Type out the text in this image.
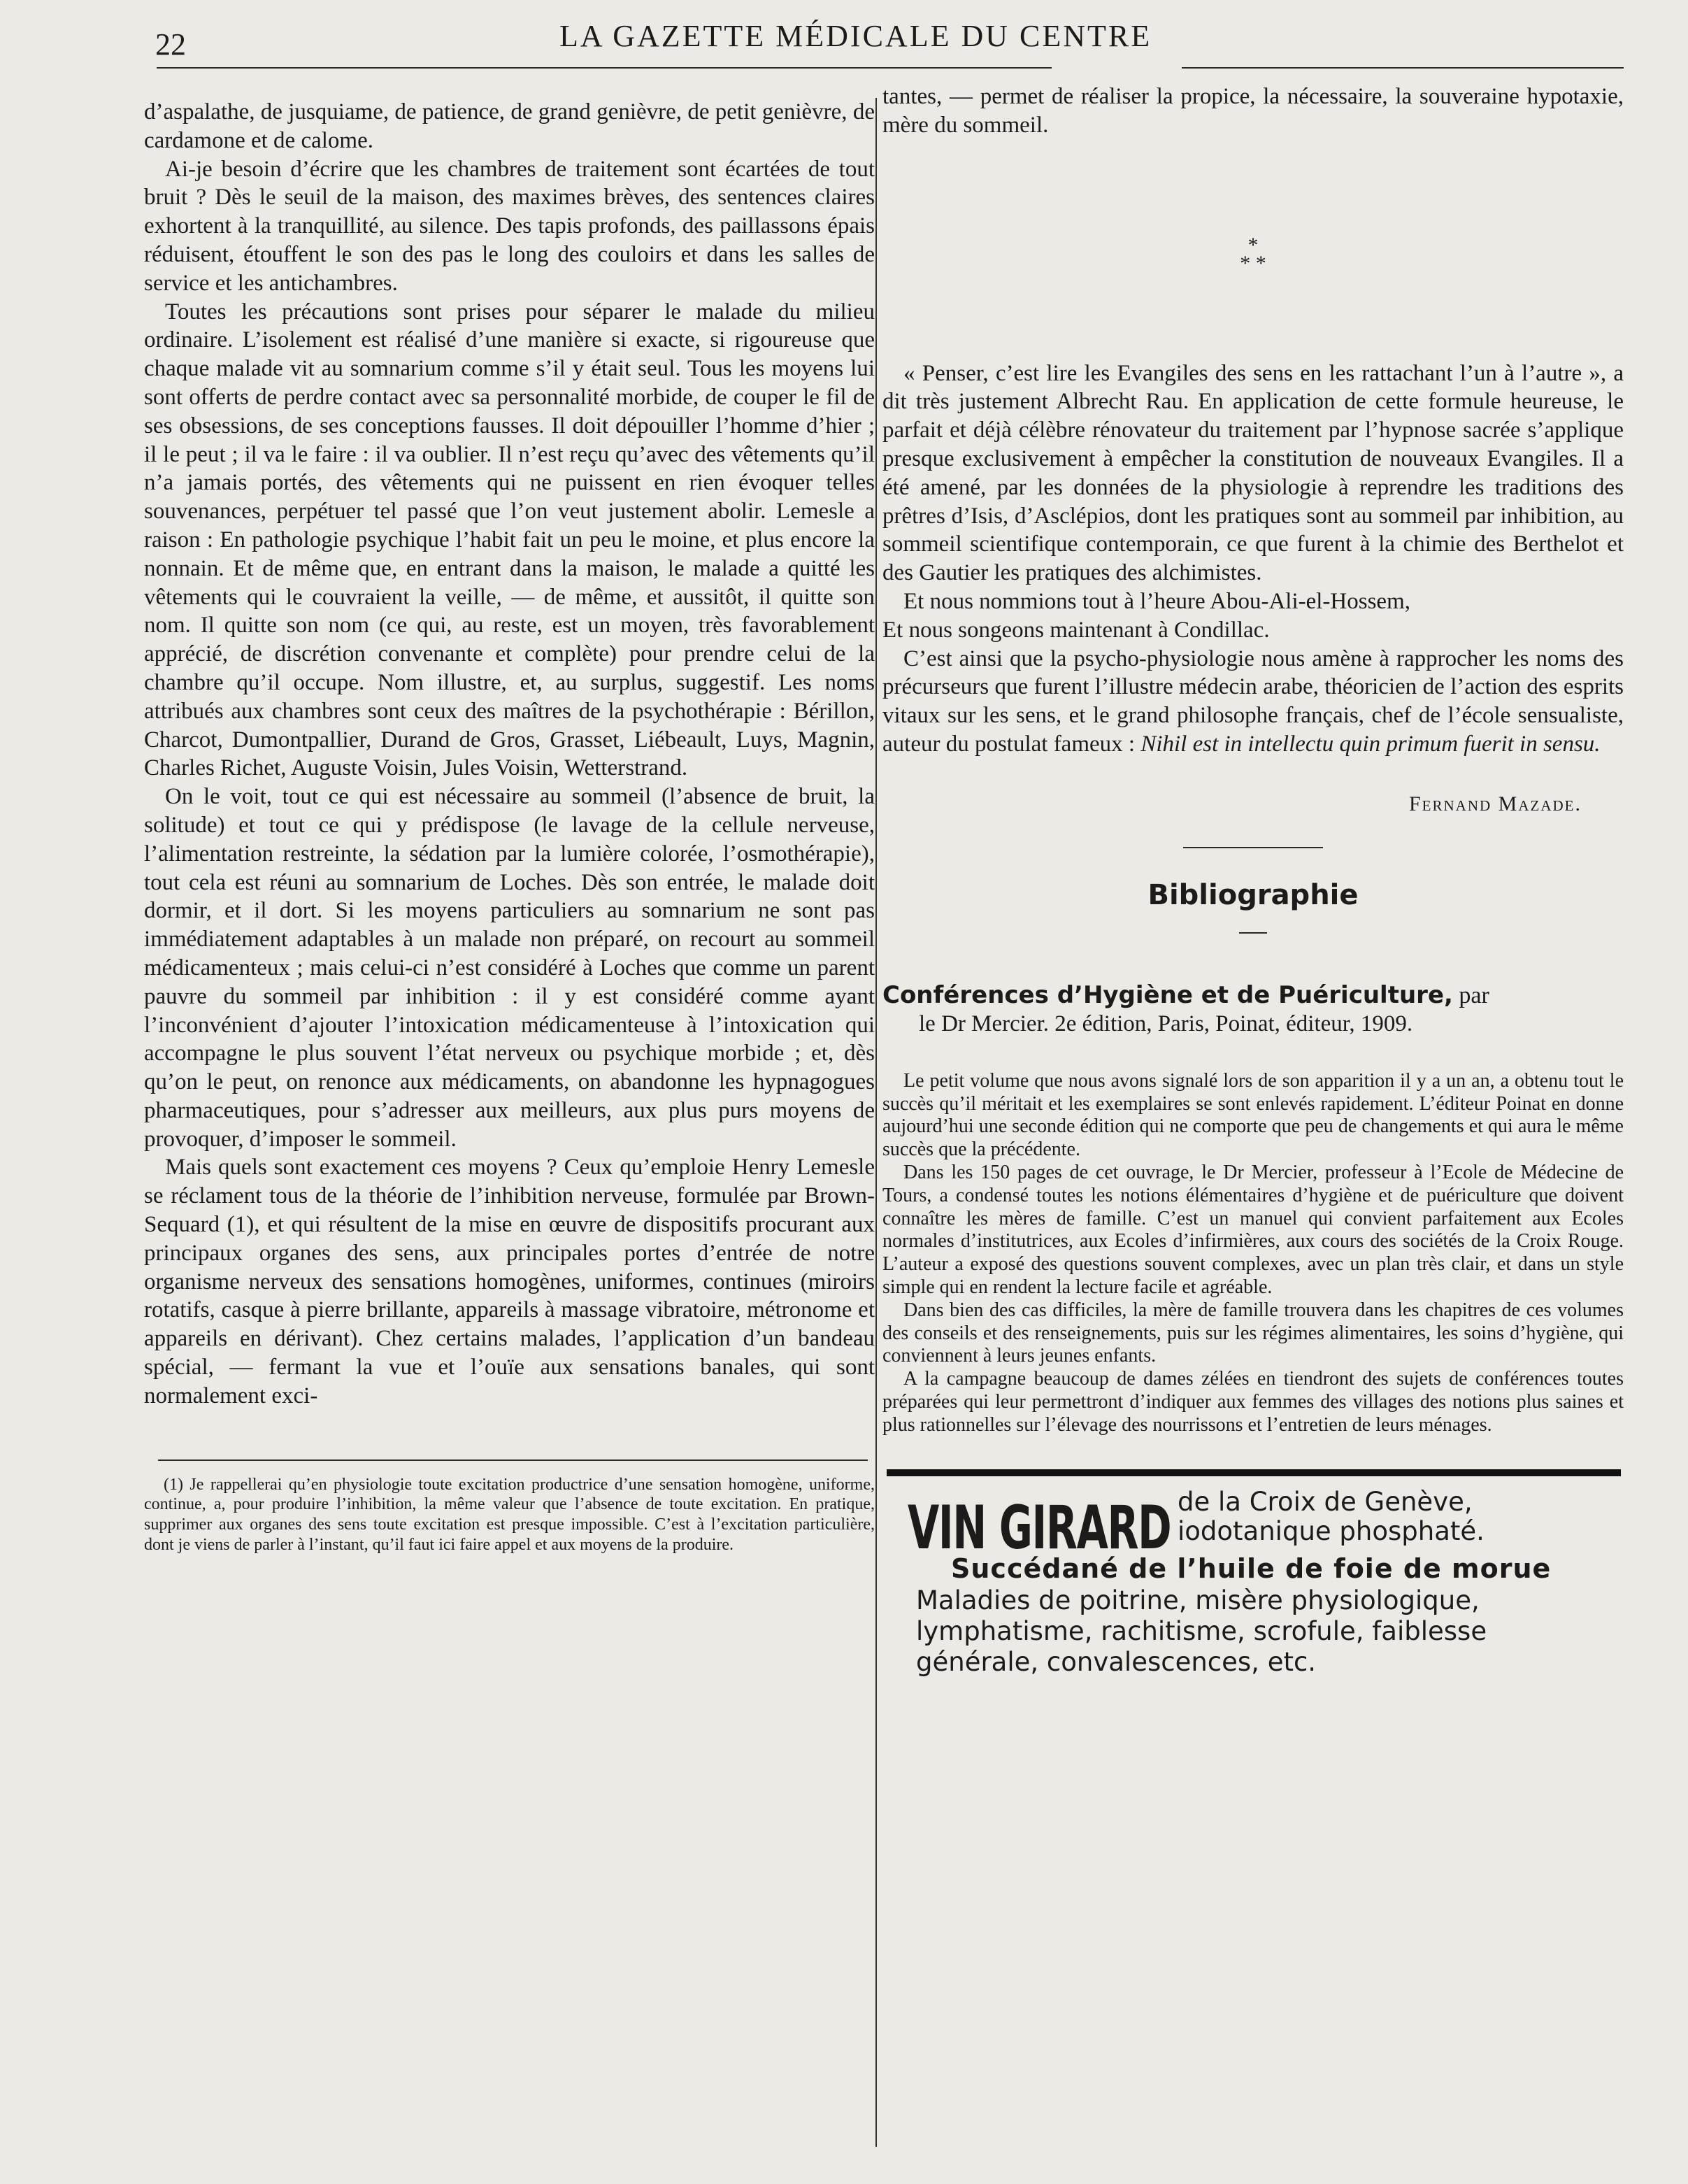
22	LA GAZETTE MÉDICALE DU CENTRE

d’aspalathe, de jusquiame, de patience, de grand genièvre, de petit genièvre, de cardamone et de calome.

Ai-je besoin d’écrire que les chambres de traitement sont écartées de tout bruit ? Dès le seuil de la maison, des maximes brèves, des sentences claires exhortent à la tranquillité, au silence. Des tapis profonds, des paillassons épais réduisent, étouffent le son des pas le long des couloirs et dans les salles de service et les antichambres.

Toutes les précautions sont prises pour séparer le malade du milieu ordinaire. L’isolement est réalisé d’une manière si exacte, si rigoureuse que chaque malade vit au somnarium comme s’il y était seul. Tous les moyens lui sont offerts de perdre contact avec sa personnalité morbide, de couper le fil de ses obsessions, de ses conceptions fausses. Il doit dépouiller l’homme d’hier ; il le peut ; il va le faire : il va oublier. Il n’est reçu qu’avec des vêtements qu’il n’a jamais portés, des vêtements qui ne puissent en rien évoquer telles souvenances, perpétuer tel passé que l’on veut justement abolir. Lemesle a raison : En pathologie psychique l’habit fait un peu le moine, et plus encore la nonnain. Et de même que, en entrant dans la maison, le malade a quitté les vêtements qui le couvraient la veille, — de même, et aussitôt, il quitte son nom. Il quitte son nom (ce qui, au reste, est un moyen, très favorablement apprécié, de discrétion convenante et complète) pour prendre celui de la chambre qu’il occupe. Nom illustre, et, au surplus, suggestif. Les noms attribués aux chambres sont ceux des maîtres de la psychothérapie : Bérillon, Charcot, Dumontpallier, Durand de Gros, Grasset, Liébeault, Luys, Magnin, Charles Richet, Auguste Voisin, Jules Voisin, Wetterstrand.

On le voit, tout ce qui est nécessaire au sommeil (l’absence de bruit, la solitude) et tout ce qui y prédispose (le lavage de la cellule nerveuse, l’alimentation restreinte, la sédation par la lumière colorée, l’osmothérapie), tout cela est réuni au somnarium de Loches. Dès son entrée, le malade doit dormir, et il dort. Si les moyens particuliers au somnarium ne sont pas immédiatement adaptables à un malade non préparé, on recourt au sommeil médicamenteux ; mais celui-ci n’est considéré à Loches que comme un parent pauvre du sommeil par inhibition : il y est considéré comme ayant l’inconvénient d’ajouter l’intoxication médicamenteuse à l’intoxication qui accompagne le plus souvent l’état nerveux ou psychique morbide ; et, dès qu’on le peut, on renonce aux médicaments, on abandonne les hypnagogues pharmaceutiques, pour s’adresser aux meilleurs, aux plus purs moyens de provoquer, d’imposer le sommeil.

Mais quels sont exactement ces moyens ? Ceux qu’emploie Henry Lemesle se réclament tous de la théorie de l’inhibition nerveuse, formulée par Brown-Sequard (1), et qui résultent de la mise en œuvre de dispositifs procurant aux principaux organes des sens, aux principales portes d’entrée de notre organisme nerveux des sensations homogènes, uniformes, continues (miroirs rotatifs, casque à pierre brillante, appareils à massage vibratoire, métronome et appareils en dérivant). Chez certains malades, l’application d’un bandeau spécial, — fermant la vue et l’ouïe aux sensations banales, qui sont normalement exci-

(1) Je rappellerai qu’en physiologie toute excitation productrice d’une sensation homogène, uniforme, continue, a, pour produire l’inhibition, la même valeur que l’absence de toute excitation. En pratique, supprimer aux organes des sens toute excitation est presque impossible. C’est à l’excitation particulière, dont je viens de parler à l’instant, qu’il faut ici faire appel et aux moyens de la produire.

tantes, — permet de réaliser la propice, la nécessaire, la souveraine hypotaxie, mère du sommeil.

*
* *

« Penser, c’est lire les Evangiles des sens en les rattachant l’un à l’autre », a dit très justement Albrecht Rau. En application de cette formule heureuse, le parfait et déjà célèbre rénovateur du traitement par l’hypnose sacrée s’applique presque exclusivement à empêcher la constitution de nouveaux Evangiles. Il a été amené, par les données de la physiologie à reprendre les traditions des prêtres d’Isis, d’Asclépios, dont les pratiques sont au sommeil par inhibition, au sommeil scientifique contemporain, ce que furent à la chimie des Berthelot et des Gautier les pratiques des alchimistes.

Et nous nommions tout à l’heure Abou-Ali-el-Hossem,

Et nous songeons maintenant à Condillac.

C’est ainsi que la psycho-physiologie nous amène à rapprocher les noms des précurseurs que furent l’illustre médecin arabe, théoricien de l’action des esprits vitaux sur les sens, et le grand philosophe français, chef de l’école sensualiste, auteur du postulat fameux : Nihil est in intellectu quin primum fuerit in sensu.

Fernand Mazade.
Bibliographie

Conférences d’Hygiène et de Puériculture, par

le Dr Mercier. 2e édition, Paris, Poinat, éditeur, 1909.

Le petit volume que nous avons signalé lors de son apparition il y a un an, a obtenu tout le succès qu’il méritait et les exemplaires se sont enlevés rapidement. L’éditeur Poinat en donne aujourd’hui une seconde édition qui ne comporte que peu de changements et qui aura le même succès que la précédente.

Dans les 150 pages de cet ouvrage, le Dr Mercier, professeur à l’Ecole de Médecine de Tours, a condensé toutes les notions élémentaires d’hygiène et de puériculture que doivent connaître les mères de famille. C’est un manuel qui convient parfaitement aux Ecoles normales d’institutrices, aux Ecoles d’infirmières, aux cours des sociétés de la Croix Rouge. L’auteur a exposé des questions souvent complexes, avec un plan très clair, et dans un style simple qui en rendent la lecture facile et agréable.

Dans bien des cas difficiles, la mère de famille trouvera dans les chapitres de ces volumes des conseils et des renseignements, puis sur les régimes alimentaires, les soins d’hygiène, qui conviennent à leurs jeunes enfants.

A la campagne beaucoup de dames zélées en tiendront des sujets de conférences toutes préparées qui leur permettront d’indiquer aux femmes des villages des notions plus saines et plus rationnelles sur l’élevage des nourrissons et l’entretien de leurs ménages.

VIN GIRARD de la Croix de Genève, iodotanique phosphaté.
Succédané de l’huile de foie de morue
Maladies de poitrine, misère physiologique, lymphatisme, rachitisme, scrofule, faiblesse générale, convalescences, etc.
